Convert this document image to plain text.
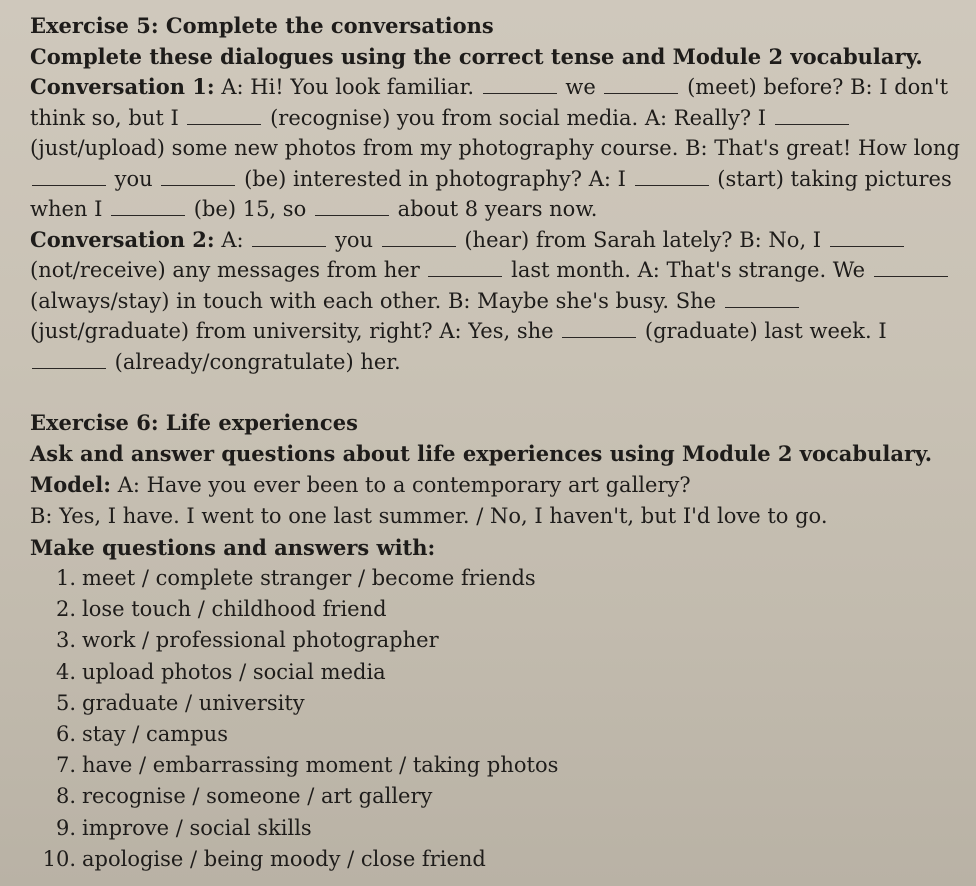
Exercise 5: Complete the conversations

Complete these dialogues using the correct tense and Module 2 vocabulary.

Conversation 1: A: Hi! You look familiar.	we	(meet) before? B: I don't think so, but I	(recognise) you from social media. A: Really? I  (just/upload) some new photos from my photography course. B: That's great! How long  you	(be) interested in photography? A: I	(start) taking pictures when I	(be) 15, so	about 8 years now.

Conversation 2: A:	you	(hear) from Sarah lately? B: No, I  (not/receive) any messages from her	last month. A: That's strange. We  (always/stay) in touch with each other. B: Maybe she's busy. She  (just/graduate) from university, right? A: Yes, she	(graduate) last week. I  (already/congratulate) her.

Exercise 6: Life experiences

Ask and answer questions about life experiences using Module 2 vocabulary.

Model: A: Have you ever been to a contemporary art gallery?

B: Yes, I have. I went to one last summer. / No, I haven't, but I'd love to go.

Make questions and answers with:

1. meet / complete stranger / become friends
2. lose touch / childhood friend
3. work / professional photographer
4. upload photos / social media
5. graduate / university
6. stay / campus
7. have / embarrassing moment / taking photos
8. recognise / someone / art gallery
9. improve / social skills
10. apologise / being moody / close friend
